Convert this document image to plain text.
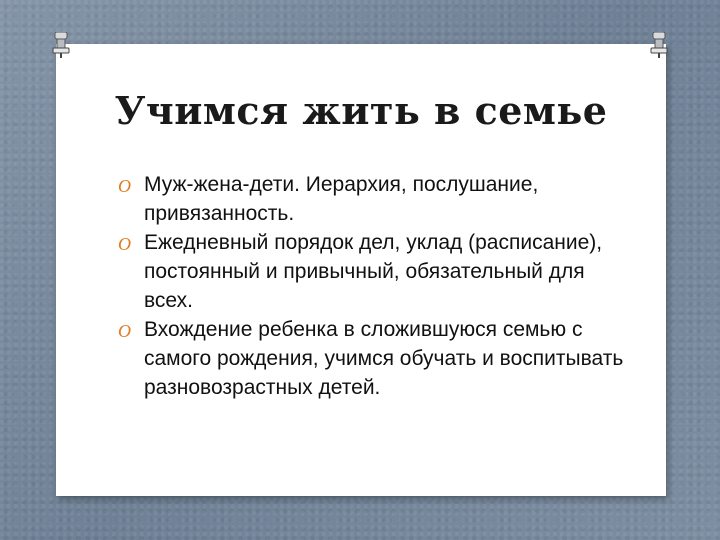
Учимся жить в семье
O Муж-жена-дети. Иерархия, послушание, привязанность.
O Ежедневный порядок дел, уклад (расписание), постоянный и привычный, обязательный для всех.
O Вхождение ребенка в сложившуюся семью с самого рождения, учимся обучать и воспитывать разновозрастных детей.
